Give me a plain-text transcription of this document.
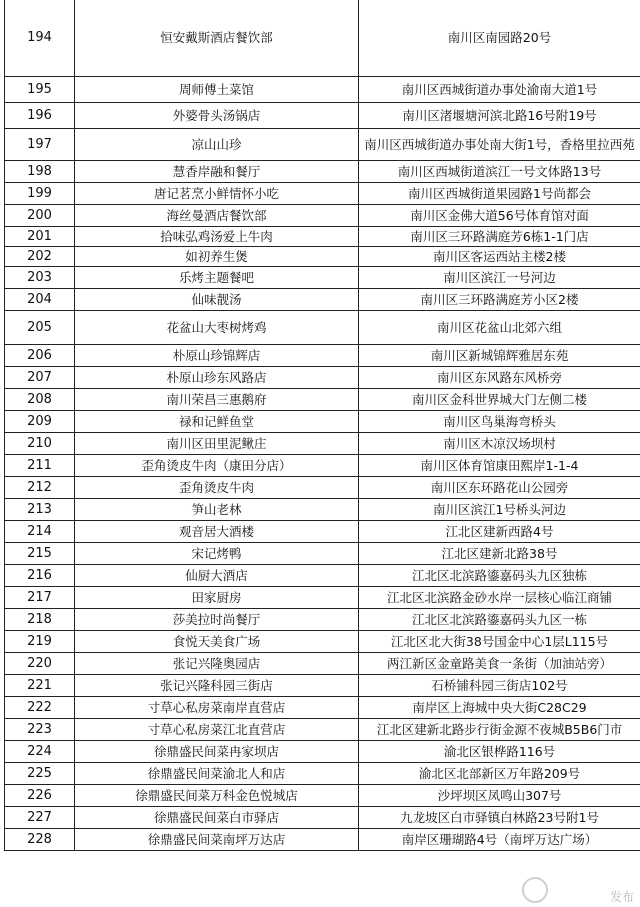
194	恒安戴斯酒店餐饮部	南川区南园路20号
195	周师傅土菜馆	南川区西城街道办事处渝南大道1号
196	外婆骨头汤锅店	南川区渚堰塘河滨北路16号附19号
197	凉山山珍	南川区西城街道办事处南大街1号，香格里拉西苑
198	慧香岸融和餐厅	南川区西城街道滨江一号文体路13号
199	唐记茗烹小鲜情怀小吃	南川区西城街道果园路1号尚都会
200	海丝曼酒店餐饮部	南川区金佛大道56号体育馆对面
201	拾味弘鸡汤爱上牛肉	南川区三环路满庭芳6栋1-1门店
202	如初养生煲	南川区客运西站主楼2楼
203	乐烤主题餐吧	南川区滨江一号河边
204	仙味靓汤	南川区三环路满庭芳小区2楼
205	花盆山大枣树烤鸡	南川区花盆山北郊六组
206	朴原山珍锦辉店	南川区新城锦辉雅居东苑
207	朴原山珍东风路店	南川区东风路东风桥旁
208	南川荣昌三惠鹅府	南川区金科世界城大门左侧二楼
209	禄和记鲜鱼堂	南川区鸟巢海弯桥头
210	南川区田里泥鳅庄	南川区木凉汉场坝村
211	歪角烫皮牛肉（康田分店）	南川区体育馆康田熙岸1-1-4
212	歪角烫皮牛肉	南川区东环路花山公园旁
213	笋山老林	南川区滨江1号桥头河边
214	观音居大酒楼	江北区建新西路4号
215	宋记烤鸭	江北区建新北路38号
216	仙厨大酒店	江北区北滨路鎏嘉码头九区独栋
217	田家厨房	江北区北滨路金砂水岸一层核心临江商铺
218	莎美拉时尚餐厅	江北区北滨路鎏嘉码头九区一栋
219	食悦天美食广场	江北区北大街38号国金中心1层L115号
220	张记兴隆奥园店	两江新区金童路美食一条街（加油站旁）
221	张记兴隆科园三街店	石桥铺科园三街店102号
222	寸草心私房菜南岸直营店	南岸区上海城中央大街C28C29
223	寸草心私房菜江北直营店	江北区建新北路步行街金源不夜城B5B6门市
224	徐鼎盛民间菜冉家坝店	渝北区银桦路116号
225	徐鼎盛民间菜渝北人和店	渝北区北部新区万年路209号
226	徐鼎盛民间菜万科金色悦城店	沙坪坝区凤鸣山307号
227	徐鼎盛民间菜白市驿店	九龙坡区白市驿镇白林路23号附1号
228	徐鼎盛民间菜南坪万达店	南岸区珊瑚路4号（南坪万达广场）
发布
